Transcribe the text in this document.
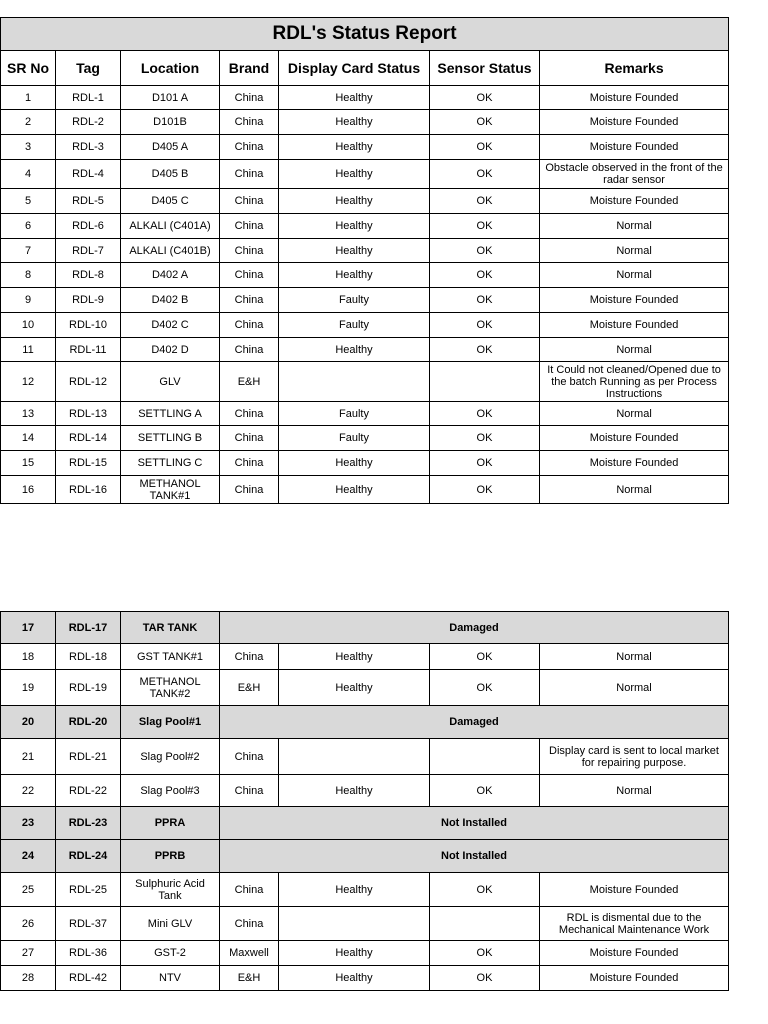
RDL's Status Report						
SR No	Tag	Location	Brand	Display Card Status	Sensor Status	Remarks
1	RDL-1	D101 A	China	Healthy	OK	Moisture Founded
2	RDL-2	D101B	China	Healthy	OK	Moisture Founded
3	RDL-3	D405 A	China	Healthy	OK	Moisture Founded
4	RDL-4	D405 B	China	Healthy	OK	Obstacle observed in the front of the radar sensor
5	RDL-5	D405 C	China	Healthy	OK	Moisture Founded
6	RDL-6	ALKALI (C401A)	China	Healthy	OK	Normal
7	RDL-7	ALKALI (C401B)	China	Healthy	OK	Normal
8	RDL-8	D402 A	China	Healthy	OK	Normal
9	RDL-9	D402 B	China	Faulty	OK	Moisture Founded
10	RDL-10	D402 C	China	Faulty	OK	Moisture Founded
11	RDL-11	D402 D	China	Healthy	OK	Normal
12	RDL-12	GLV	E&H			It Could not cleaned/Opened due to the batch Running as per Process Instructions
13	RDL-13	SETTLING A	China	Faulty	OK	Normal
14	RDL-14	SETTLING B	China	Faulty	OK	Moisture Founded
15	RDL-15	SETTLING C	China	Healthy	OK	Moisture Founded
16	RDL-16	METHANOL TANK#1	China	Healthy	OK	Normal
17	RDL-17	TAR TANK	Damaged			
18	RDL-18	GST TANK#1	China	Healthy	OK	Normal
19	RDL-19	METHANOL TANK#2	E&H	Healthy	OK	Normal
20	RDL-20	Slag Pool#1	Damaged			
21	RDL-21	Slag Pool#2	China			Display card is sent to local market for repairing purpose.
22	RDL-22	Slag Pool#3	China	Healthy	OK	Normal
23	RDL-23	PPRA	Not Installed			
24	RDL-24	PPRB	Not Installed			
25	RDL-25	Sulphuric Acid Tank	China	Healthy	OK	Moisture Founded
26	RDL-37	Mini GLV	China			RDL is dismental due to the Mechanical Maintenance Work
27	RDL-36	GST-2	Maxwell	Healthy	OK	Moisture Founded
28	RDL-42	NTV	E&H	Healthy	OK	Moisture Founded
